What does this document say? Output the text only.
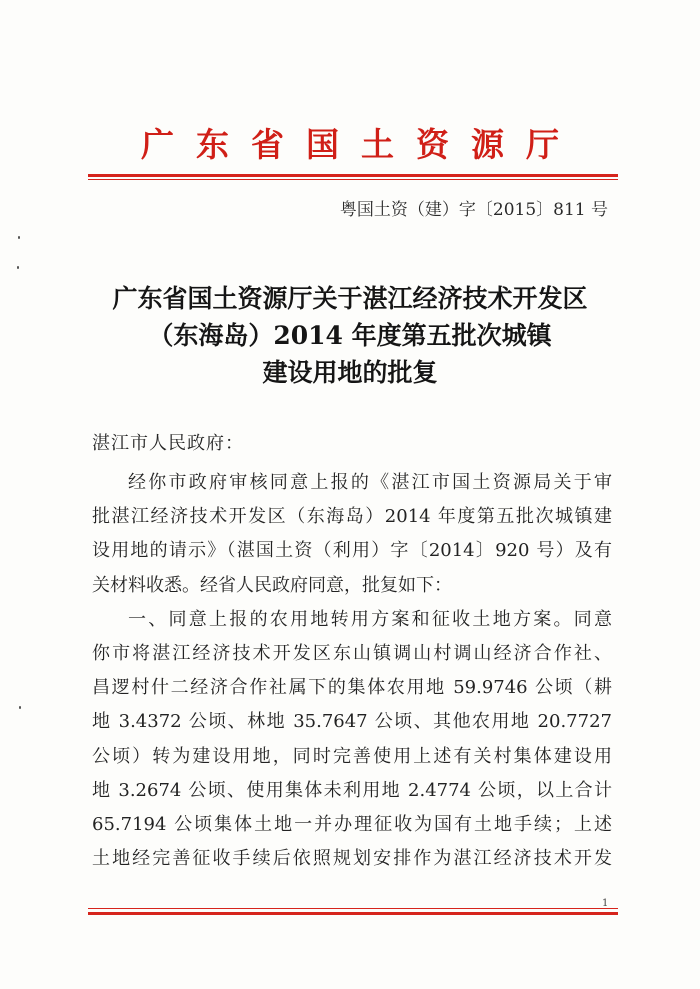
广东省国土资源厅
粤国土资（建）字〔2015〕811 号
广东省国土资源厅关于湛江经济技术开发区
（东海岛）2014 年度第五批次城镇
建设用地的批复
湛江市人民政府：
经你市政府审核同意上报的《湛江市国土资源局关于审
批湛江经济技术开发区（东海岛）2014 年度第五批次城镇建
设用地的请示》（湛国土资（利用）字〔2014〕920 号）及有
关材料收悉。经省人民政府同意，批复如下：
一、同意上报的农用地转用方案和征收土地方案。同意
你市将湛江经济技术开发区东山镇调山村调山经济合作社、
昌逻村什二经济合作社属下的集体农用地 59.9746 公顷（耕
地 3.4372 公顷、林地 35.7647 公顷、其他农用地 20.7727
公顷）转为建设用地，同时完善使用上述有关村集体建设用
地 3.2674 公顷、使用集体未利用地 2.4774 公顷，以上合计
65.7194 公顷集体土地一并办理征收为国有土地手续；上述
土地经完善征收手续后依照规划安排作为湛江经济技术开发
1
